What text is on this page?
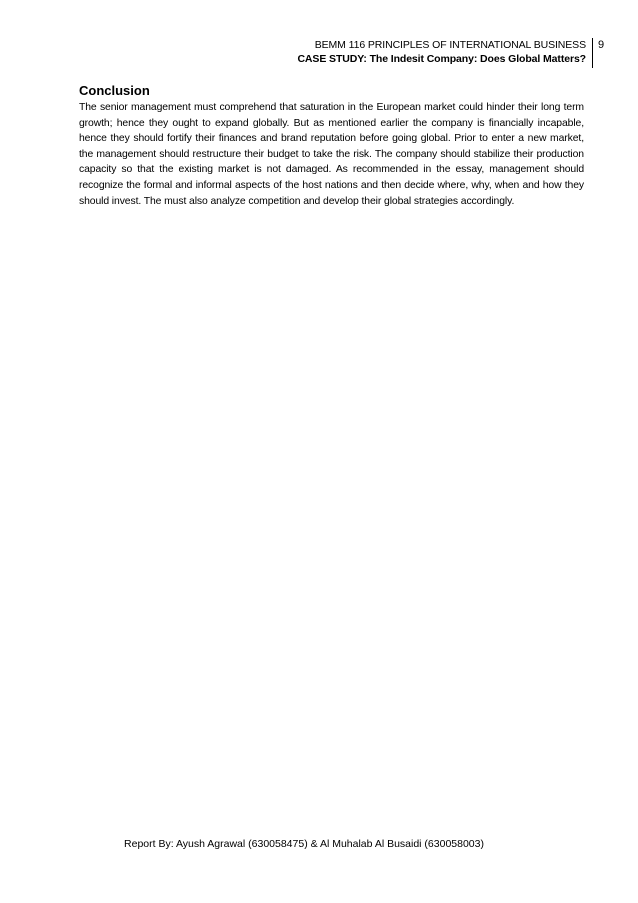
BEMM 116 PRINCIPLES OF INTERNATIONAL BUSINESS
CASE STUDY: The Indesit Company: Does Global Matters?
9
Conclusion

The senior management must comprehend that saturation in the European market could hinder their long term growth; hence they ought to expand globally. But as mentioned earlier the company is financially incapable, hence they should fortify their finances and brand reputation before going global. Prior to enter a new market, the management should restructure their budget to take the risk. The company should stabilize their production capacity so that the existing market is not damaged. As recommended in the essay, management should recognize the formal and informal aspects of the host nations and then decide where, why, when and how they should invest. The must also analyze competition and develop their global strategies accordingly.

Report By: Ayush Agrawal (630058475) & Al Muhalab Al Busaidi (630058003)
